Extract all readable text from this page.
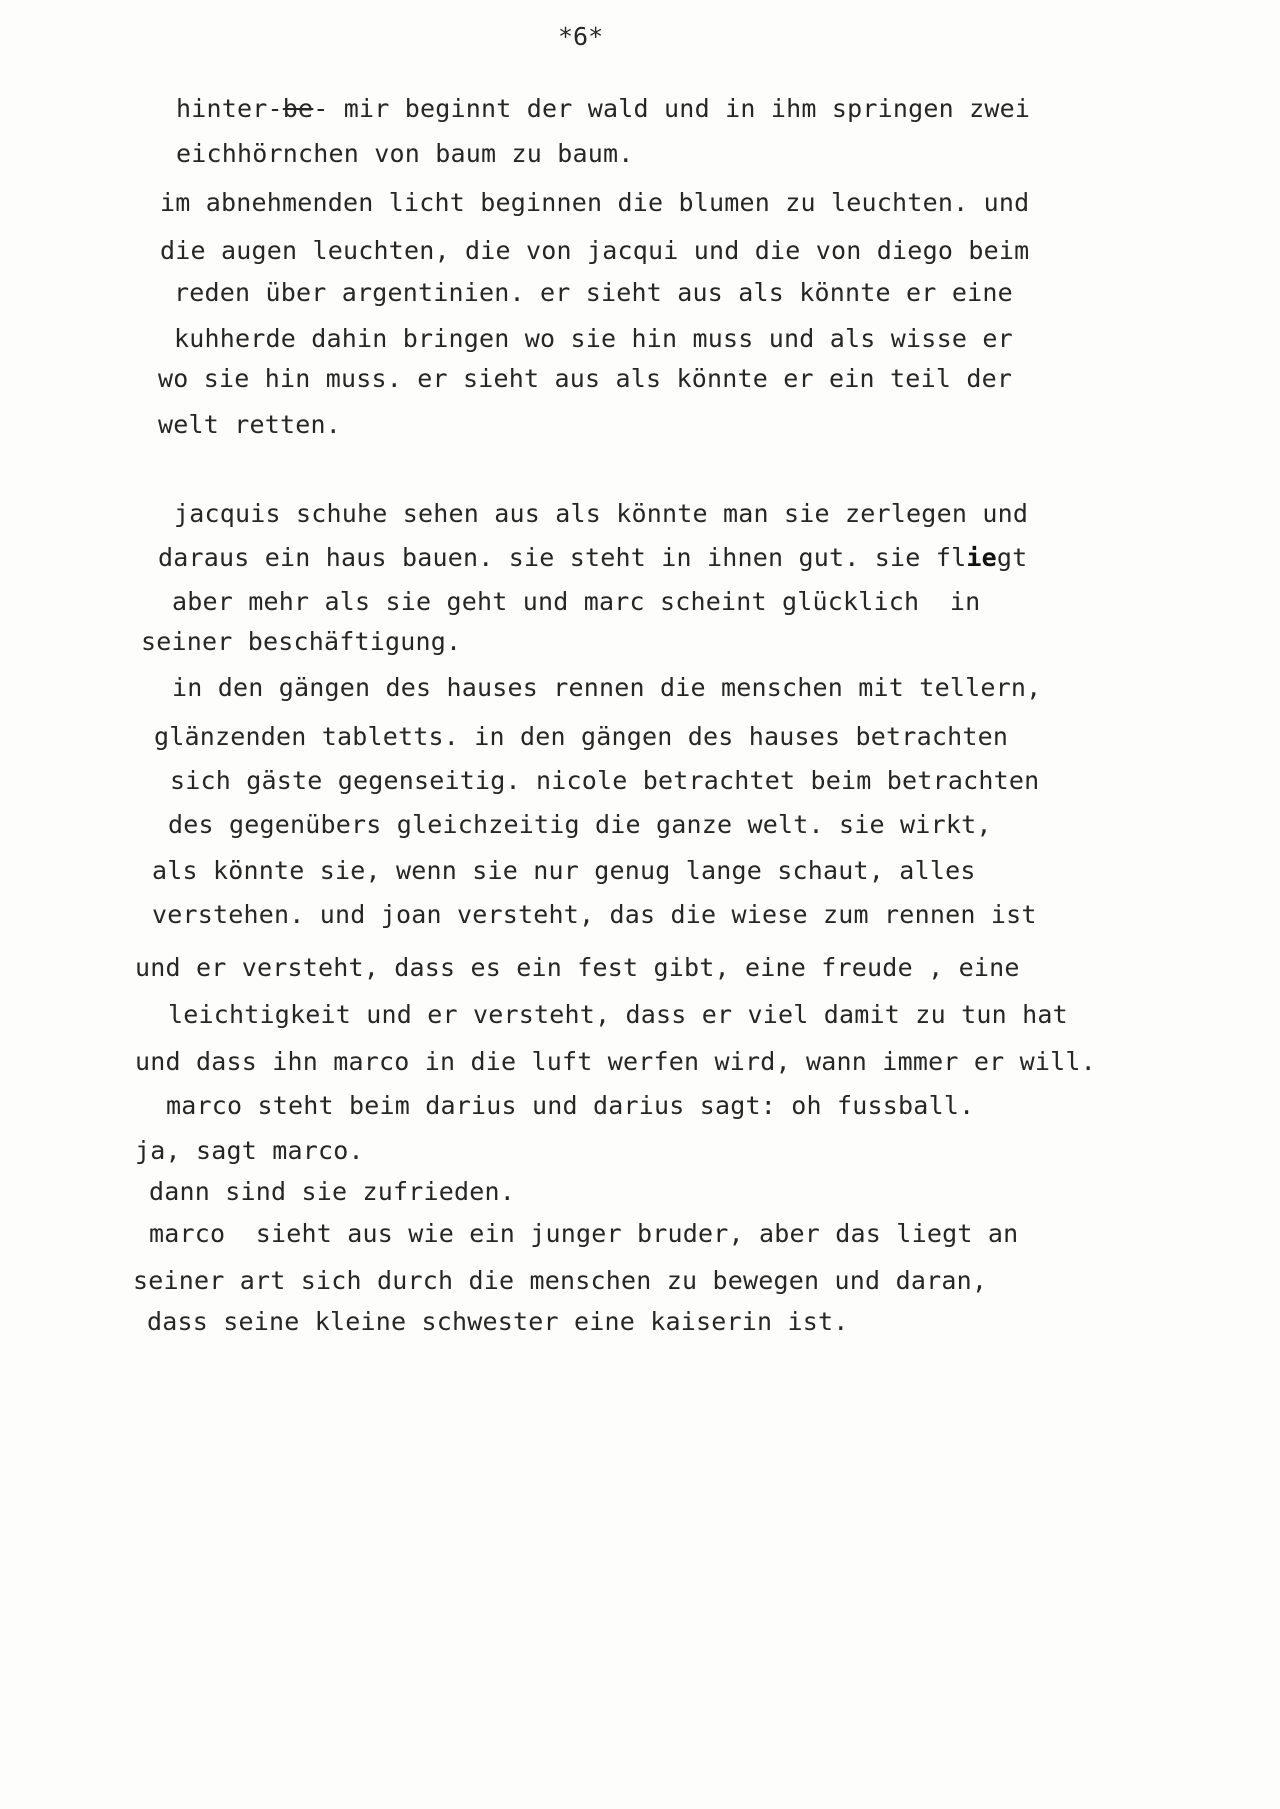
*6*
hinter-be- mir beginnt der wald und in ihm springen zwei
eichhörnchen von baum zu baum.
im abnehmenden licht beginnen die blumen zu leuchten. und
die augen leuchten, die von jacqui und die von diego beim
reden über argentinien. er sieht aus als könnte er eine
kuhherde dahin bringen wo sie hin muss und als wisse er
wo sie hin muss. er sieht aus als könnte er ein teil der
welt retten.
jacquis schuhe sehen aus als könnte man sie zerlegen und
daraus ein haus bauen. sie steht in ihnen gut. sie fliegt
aber mehr als sie geht und marc scheint glücklich  in
seiner beschäftigung.
in den gängen des hauses rennen die menschen mit tellern,
glänzenden tabletts. in den gängen des hauses betrachten
sich gäste gegenseitig. nicole betrachtet beim betrachten
des gegenübers gleichzeitig die ganze welt. sie wirkt,
als könnte sie, wenn sie nur genug lange schaut, alles
verstehen. und joan versteht, das die wiese zum rennen ist
und er versteht, dass es ein fest gibt, eine freude , eine
leichtigkeit und er versteht, dass er viel damit zu tun hat
und dass ihn marco in die luft werfen wird, wann immer er will.
marco steht beim darius und darius sagt: oh fussball.
ja, sagt marco.
dann sind sie zufrieden.
marco  sieht aus wie ein junger bruder, aber das liegt an
seiner art sich durch die menschen zu bewegen und daran,
dass seine kleine schwester eine kaiserin ist.
